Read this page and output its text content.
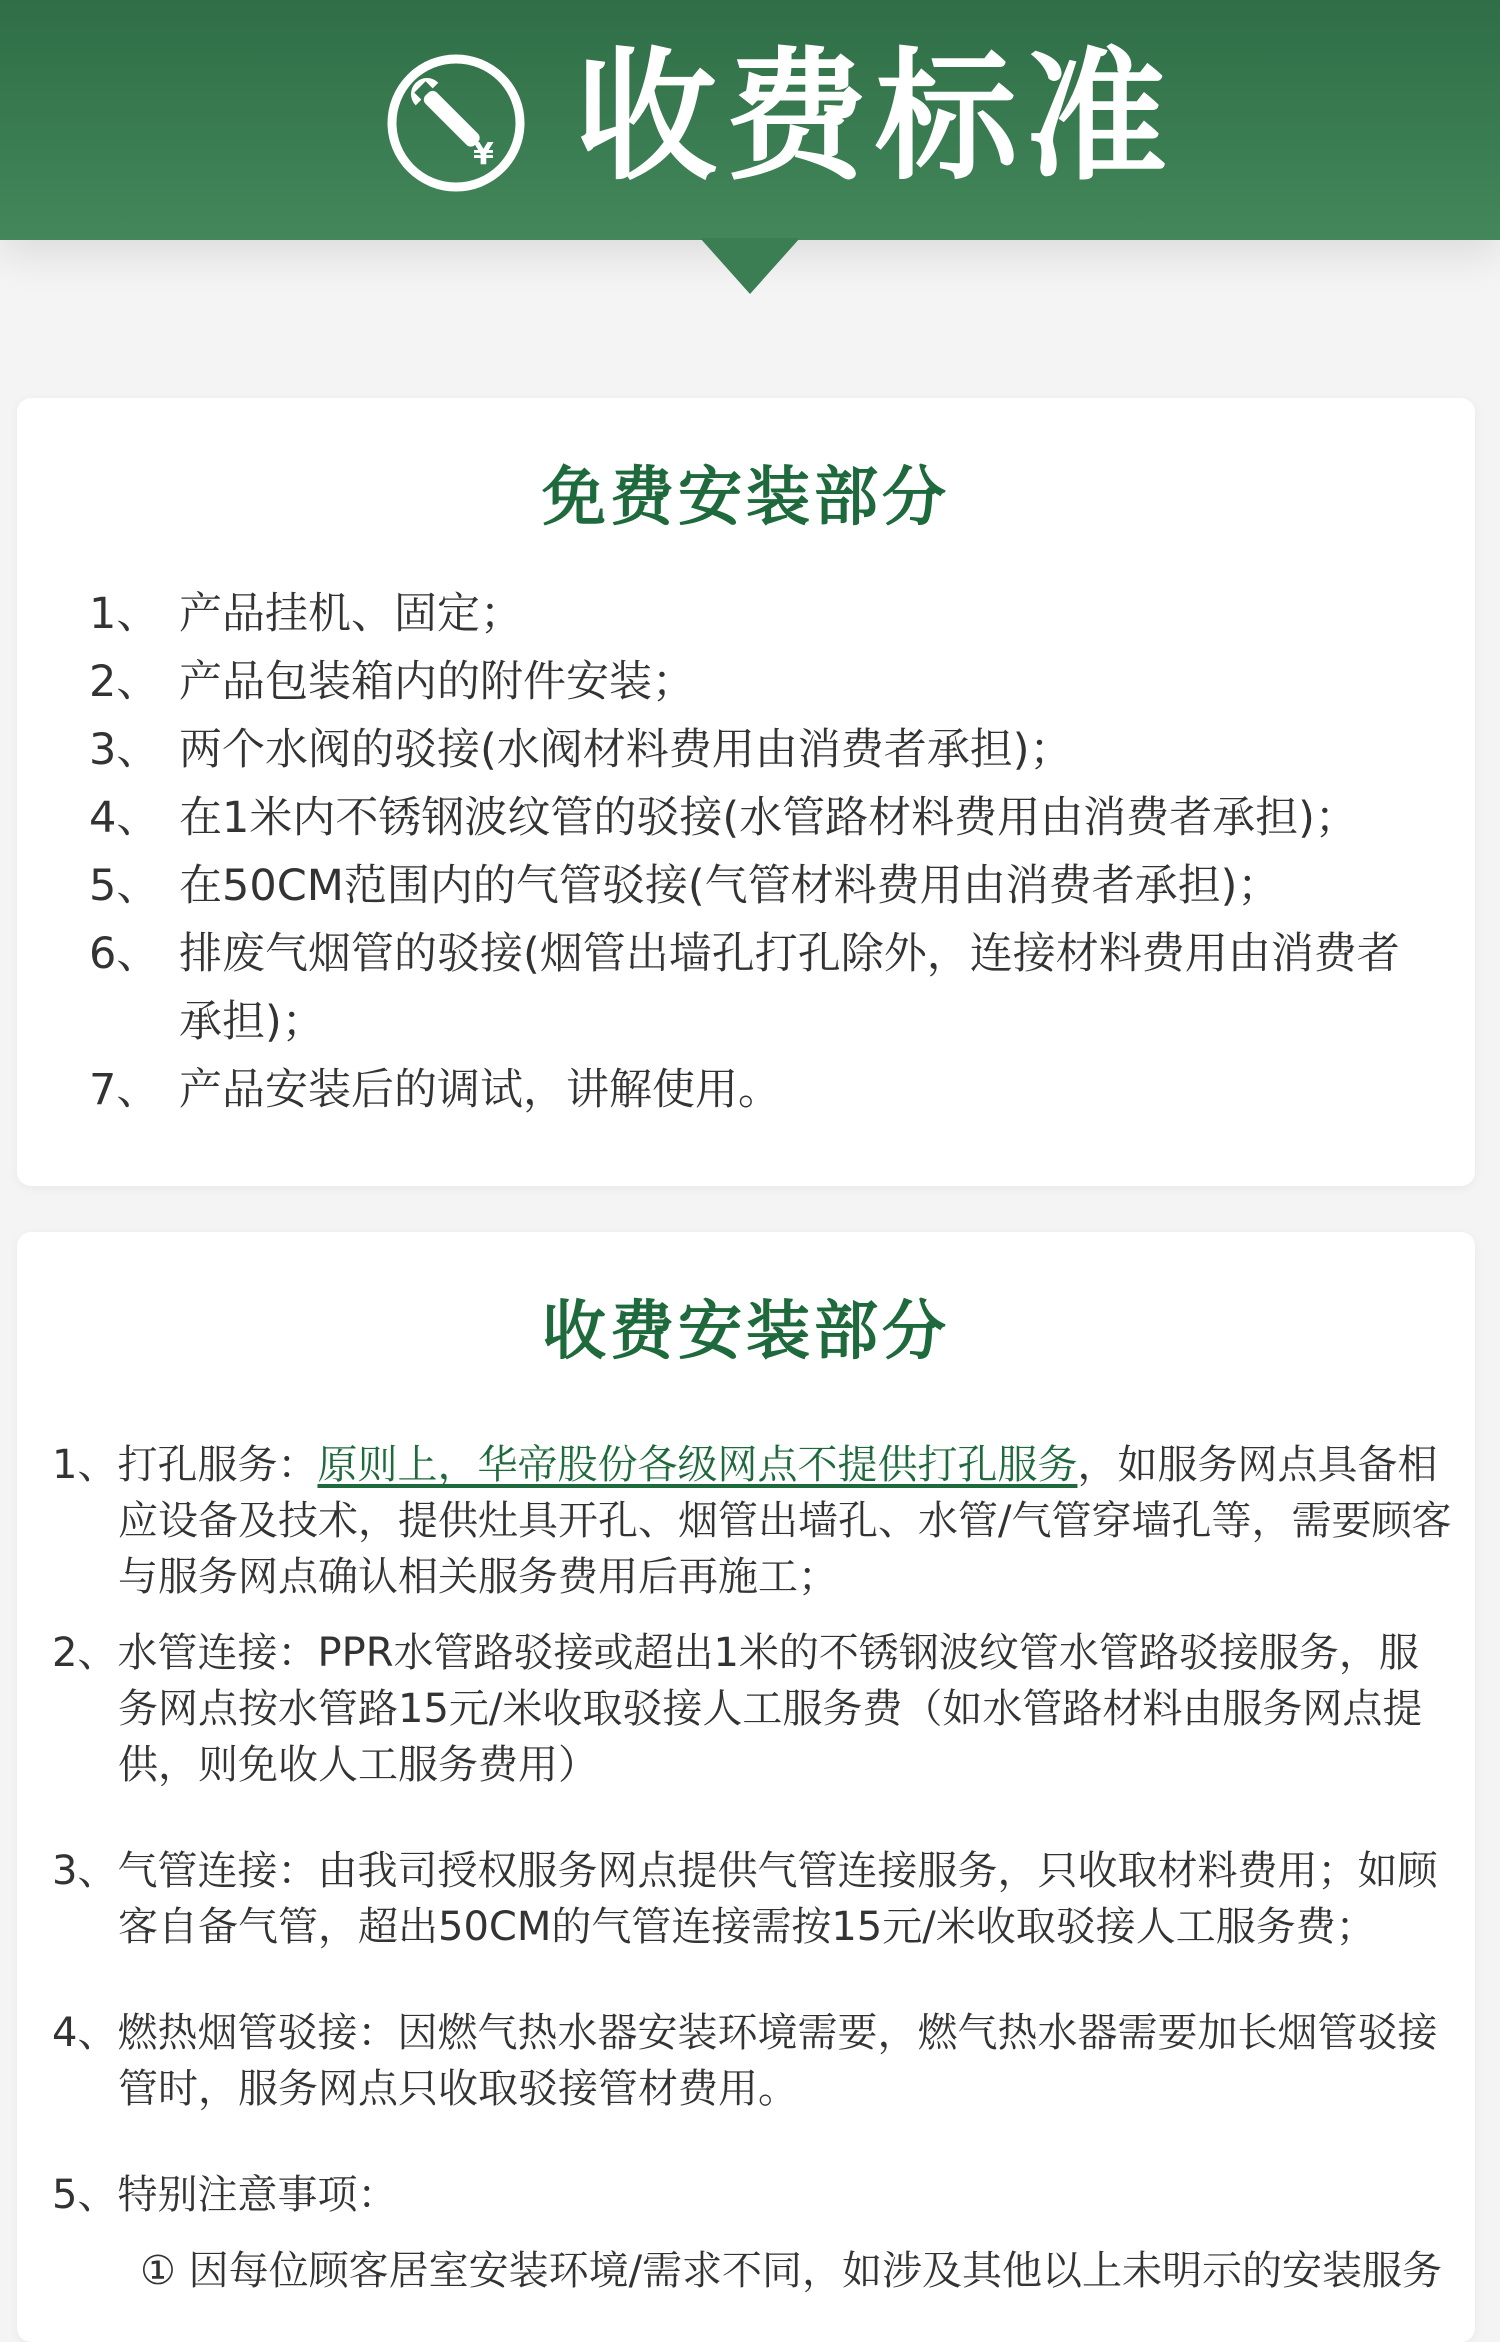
¥ 收费标准
免费安装部分
1、 产品挂机、固定；
2、 产品包装箱内的附件安装；
3、 两个水阀的驳接(水阀材料费用由消费者承担)；
4、 在1米内不锈钢波纹管的驳接(水管路材料费用由消费者承担)；
5、 在50CM范围内的气管驳接(气管材料费用由消费者承担)；
6、 排废气烟管的驳接(烟管出墙孔打孔除外，连接材料费用由消费者承担)；
7、 产品安装后的调试，讲解使用。
收费安装部分
1、打孔服务：原则上，华帝股份各级网点不提供打孔服务，如服务网点具备相应设备及技术，提供灶具开孔、烟管出墙孔、水管/气管穿墙孔等，需要顾客与服务网点确认相关服务费用后再施工；
2、水管连接：PPR水管路驳接或超出1米的不锈钢波纹管水管路驳接服务，服务网点按水管路15元/米收取驳接人工服务费（如水管路材料由服务网点提供，则免收人工服务费用）
3、气管连接：由我司授权服务网点提供气管连接服务，只收取材料费用；如顾客自备气管，超出50CM的气管连接需按15元/米收取驳接人工服务费；
4、燃热烟管驳接：因燃气热水器安装环境需要，燃气热水器需要加长烟管驳接管时，服务网点只收取驳接管材费用。
5、特别注意事项：
① 因每位顾客居室安装环境/需求不同，如涉及其他以上未明示的安装服务
